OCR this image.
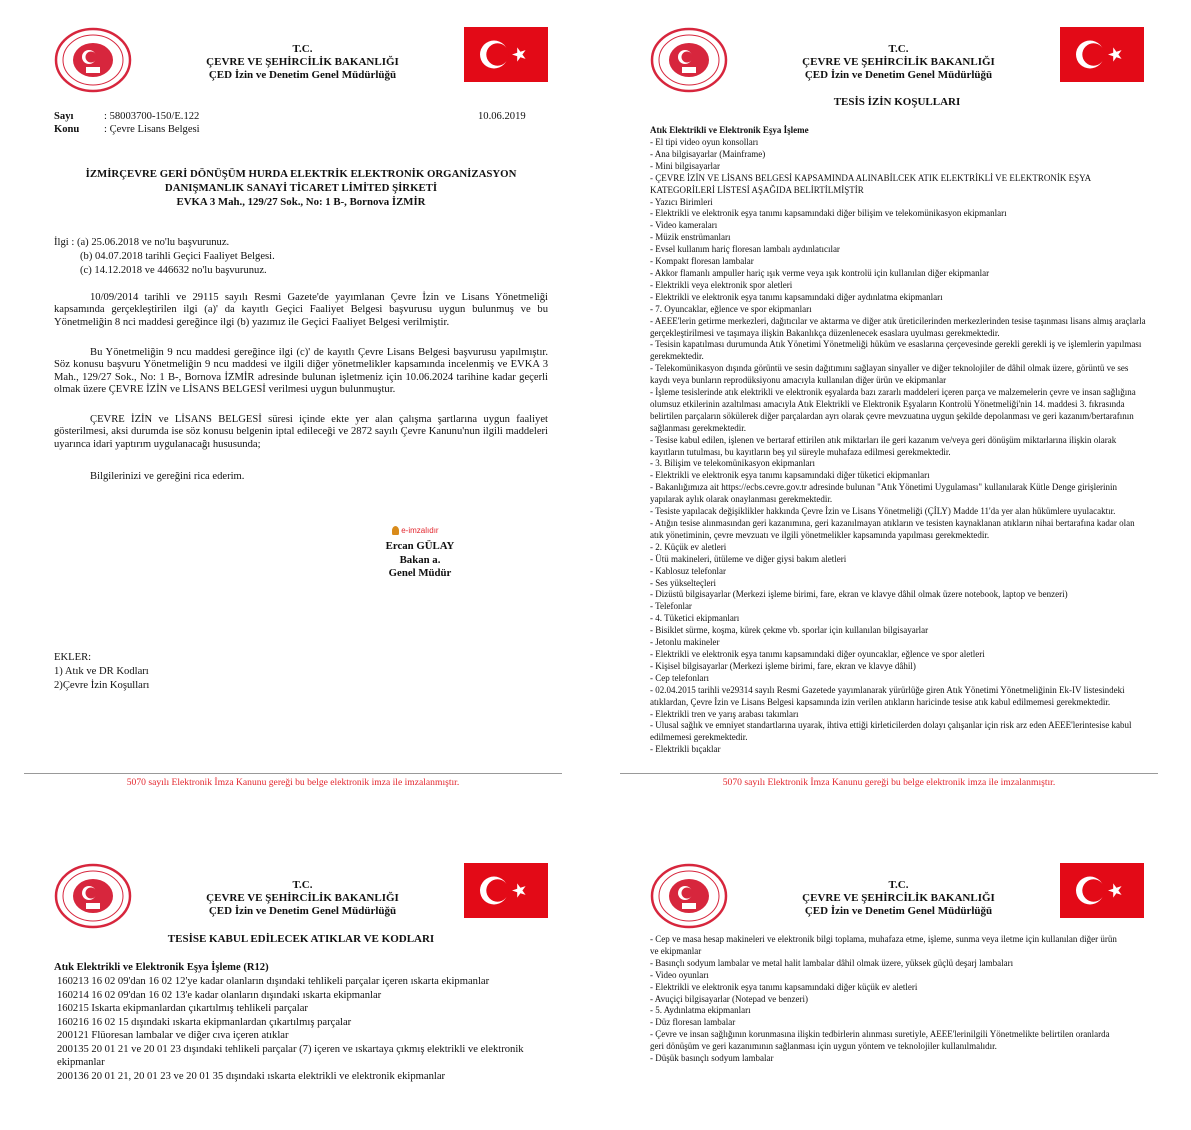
T.C.
ÇEVRE VE ŞEHİRCİLİK BAKANLIĞI
ÇED İzin ve Denetim Genel Müdürlüğü
Sayı	: 58003700-150/E.122	10.06.2019
Konu : Çevre Lisans Belgesi
İZMİRÇEVRE GERİ DÖNÜŞÜM HURDA ELEKTRİK ELEKTRONİK ORGANİZASYON
DANIŞMANLIK SANAYİ TİCARET LİMİTED ŞİRKETİ
EVKA 3 Mah., 129/27 Sok., No: 1 B-, Bornova İZMİR
İlgi : (a) 25.06.2018 ve no'lu başvurunuz.
(b) 04.07.2018 tarihli Geçici Faaliyet Belgesi.
(c) 14.12.2018 ve 446632 no'lu başvurunuz.
10/09/2014 tarihli ve 29115 sayılı Resmi Gazete'de yayımlanan Çevre İzin ve Lisans Yönetmeliği kapsamında gerçekleştirilen ilgi (a)' da kayıtlı Geçici Faaliyet Belgesi başvurusu uygun bulunmuş ve bu Yönetmeliğin 8 nci maddesi gereğince ilgi (b) yazımız ile Geçici Faaliyet Belgesi verilmiştir.
Bu Yönetmeliğin 9 ncu maddesi gereğince ilgi (c)' de kayıtlı Çevre Lisans Belgesi başvurusu yapılmıştır. Söz konusu başvuru Yönetmeliğin 9 ncu maddesi ve ilgili diğer yönetmelikler kapsamında incelenmiş ve EVKA 3 Mah., 129/27 Sok., No: 1 B-, Bornova İZMİR adresinde bulunan işletmeniz için 10.06.2024 tarihine kadar geçerli olmak üzere ÇEVRE İZİN ve LİSANS BELGESİ verilmesi uygun bulunmuştur.
ÇEVRE İZİN ve LİSANS BELGESİ süresi içinde ekte yer alan çalışma şartlarına uygun faaliyet gösterilmesi, aksi durumda ise söz konusu belgenin iptal edileceği ve 2872 sayılı Çevre Kanunu'nun ilgili maddeleri uyarınca idari yaptırım uygulanacağı hususunda;
Bilgilerinizi ve gereğini rica ederim.
e-imzalıdır
Ercan GÜLAY
Bakan a.
Genel Müdür
EKLER:
1) Atık ve DR Kodları
2)Çevre İzin Koşulları
5070 sayılı Elektronik İmza Kanunu gereği bu belge elektronik imza ile imzalanmıştır.
T.C.
ÇEVRE VE ŞEHİRCİLİK BAKANLIĞI
ÇED İzin ve Denetim Genel Müdürlüğü
TESİS İZİN KOŞULLARI
Atık Elektrikli ve Elektronik Eşya İşleme
- El tipi video oyun konsolları
- Ana bilgisayarlar (Mainframe)
- Mini bilgisayarlar
- ÇEVRE İZİN VE LİSANS BELGESİ KAPSAMINDA ALINABİLCEK ATIK ELEKTRİKLİ VE ELEKTRONİK EŞYA KATEGORİLERİ LİSTESİ AŞAĞIDA BELİRTİLMİŞTİR
- Yazıcı Birimleri
- Elektrikli ve elektronik eşya tanımı kapsamındaki diğer bilişim ve telekomünikasyon ekipmanları
- Video kameraları
- Müzik enstrümanları
- Evsel kullanım hariç floresan lambalı aydınlatıcılar
- Kompakt floresan lambalar
- Akkor flamanlı ampuller hariç ışık verme veya ışık kontrolü için kullanılan diğer ekipmanlar
- Elektrikli veya elektronik spor aletleri
- Elektrikli ve elektronik eşya tanımı kapsamındaki diğer aydınlatma ekipmanları
- 7. Oyuncaklar, eğlence ve spor ekipmanları
- AEEE'lerin getirme merkezleri, dağıtıcılar ve aktarma ve diğer atık üreticilerinden merkezlerinden tesise taşınması lisans almış araçlarla gerçekleştirilmesi ve taşımaya ilişkin Bakanlıkça düzenlenecek esaslara uyulması gerekmektedir.
- Tesisin kapatılması durumunda Atık Yönetimi Yönetmeliği hüküm ve esaslarına çerçevesinde gerekli gerekli iş ve işlemlerin yapılması gerekmektedir.
- Telekomünikasyon dışında görüntü ve sesin dağıtımını sağlayan sinyaller ve diğer teknolojiler de dâhil olmak üzere, görüntü ve ses kaydı veya bunların reprodüksiyonu amacıyla kullanılan diğer ürün ve ekipmanlar
- İşleme tesislerinde atık elektrikli ve elektronik eşyalarda bazı zararlı maddeleri içeren parça ve malzemelerin çevre ve insan sağlığına olumsuz etkilerinin azaltılması amacıyla Atık Elektrikli ve Elektronik Eşyaların Kontrolü Yönetmeliği'nin 14. maddesi 3. fıkrasında belirtilen parçaların sökülerek diğer parçalardan ayrı olarak çevre mevzuatına uygun şekilde depolanması ve geri kazanım/bertarafının sağlanması gerekmektedir.
- Tesise kabul edilen, işlenen ve bertaraf ettirilen atık miktarları ile geri kazanım ve/veya geri dönüşüm miktarlarına ilişkin olarak kayıtların tutulması, bu kayıtların beş yıl süreyle muhafaza edilmesi gerekmektedir.
- 3. Bilişim ve telekomünikasyon ekipmanları
- Elektrikli ve elektronik eşya tanımı kapsamındaki diğer tüketici ekipmanları
- Bakanlığımıza ait https://ecbs.cevre.gov.tr adresinde bulunan "Atık Yönetimi Uygulaması" kullanılarak Kütle Denge girişlerinin yapılarak aylık olarak onaylanması gerekmektedir.
- Tesiste yapılacak değişiklikler hakkında Çevre İzin ve Lisans Yönetmeliği (ÇİLY) Madde 11'da yer alan hükümlere uyulacaktır.
- Atığın tesise alınmasından geri kazanımına, geri kazanılmayan atıkların ve tesisten kaynaklanan atıkların nihai bertarafına kadar olan atık yönetiminin, çevre mevzuatı ve ilgili yönetmelikler kapsamında yapılması gerekmektedir.
- 2. Küçük ev aletleri
- Ütü makineleri, ütüleme ve diğer giysi bakım aletleri
- Kablosuz telefonlar
- Ses yükselteçleri
- Dizüstü bilgisayarlar (Merkezi işleme birimi, fare, ekran ve klavye dâhil olmak üzere notebook, laptop ve benzeri)
- Telefonlar
- 4. Tüketici ekipmanları
- Bisiklet sürme, koşma, kürek çekme vb. sporlar için kullanılan bilgisayarlar
- Jetonlu makineler
- Elektrikli ve elektronik eşya tanımı kapsamındaki diğer oyuncaklar, eğlence ve spor aletleri
- Kişisel bilgisayarlar (Merkezi işleme birimi, fare, ekran ve klavye dâhil)
- Cep telefonları
- 02.04.2015 tarihli ve29314 sayılı Resmi Gazetede yayımlanarak yürürlüğe giren Atık Yönetimi Yönetmeliğinin Ek-IV listesindeki atıklardan, Çevre İzin ve Lisans Belgesi kapsamında izin verilen atıkların haricinde tesise atık kabul edilmemesi gerekmektedir.
- Elektrikli tren ve yarış arabası takımları
- Ulusal sağlık ve emniyet standartlarına uyarak, ihtiva ettiği kirleticilerden dolayı çalışanlar için risk arz eden AEEE'lerintesise kabul edilmemesi gerekmektedir.
- Elektrikli bıçaklar
5070 sayılı Elektronik İmza Kanunu gereği bu belge elektronik imza ile imzalanmıştır.
T.C.
ÇEVRE VE ŞEHİRCİLİK BAKANLIĞI
ÇED İzin ve Denetim Genel Müdürlüğü
TESİSE KABUL EDİLECEK ATIKLAR VE KODLARI
Atık Elektrikli ve Elektronik Eşya İşleme (R12)
160213 16 02 09'dan 16 02 12'ye kadar olanların dışındaki tehlikeli parçalar içeren ıskarta ekipmanlar
160214 16 02 09'dan 16 02 13'e kadar olanların dışındaki ıskarta ekipmanlar
160215 Iskarta ekipmanlardan çıkartılmış tehlikeli parçalar
160216 16 02 15 dışındaki ıskarta ekipmanlardan çıkartılmış parçalar
200121 Flüoresan lambalar ve diğer cıva içeren atıklar
200135 20 01 21 ve 20 01 23 dışındaki tehlikeli parçalar (7) içeren ve ıskartaya çıkmış elektrikli ve elektronik ekipmanlar
200136 20 01 21, 20 01 23 ve 20 01 35 dışındaki ıskarta elektrikli ve elektronik ekipmanlar
T.C.
ÇEVRE VE ŞEHİRCİLİK BAKANLIĞI
ÇED İzin ve Denetim Genel Müdürlüğü
- Cep ve masa hesap makineleri ve elektronik bilgi toplama, muhafaza etme, işleme, sunma veya iletme için kullanılan diğer ürün ve ekipmanlar
- Basınçlı sodyum lambalar ve metal halit lambalar dâhil olmak üzere, yüksek güçlü deşarj lambaları
- Video oyunları
- Elektrikli ve elektronik eşya tanımı kapsamındaki diğer küçük ev aletleri
- Avuçiçi bilgisayarlar (Notepad ve benzeri)
- 5. Aydınlatma ekipmanları
- Düz floresan lambalar
- Çevre ve insan sağlığının korunmasına ilişkin tedbirlerin alınması suretiyle, AEEE'lerinilgili Yönetmelikte belirtilen oranlarda geri dönüşüm ve geri kazanımının sağlanması için uygun yöntem ve teknolojiler kullanılmalıdır.
- Düşük basınçlı sodyum lambalar
